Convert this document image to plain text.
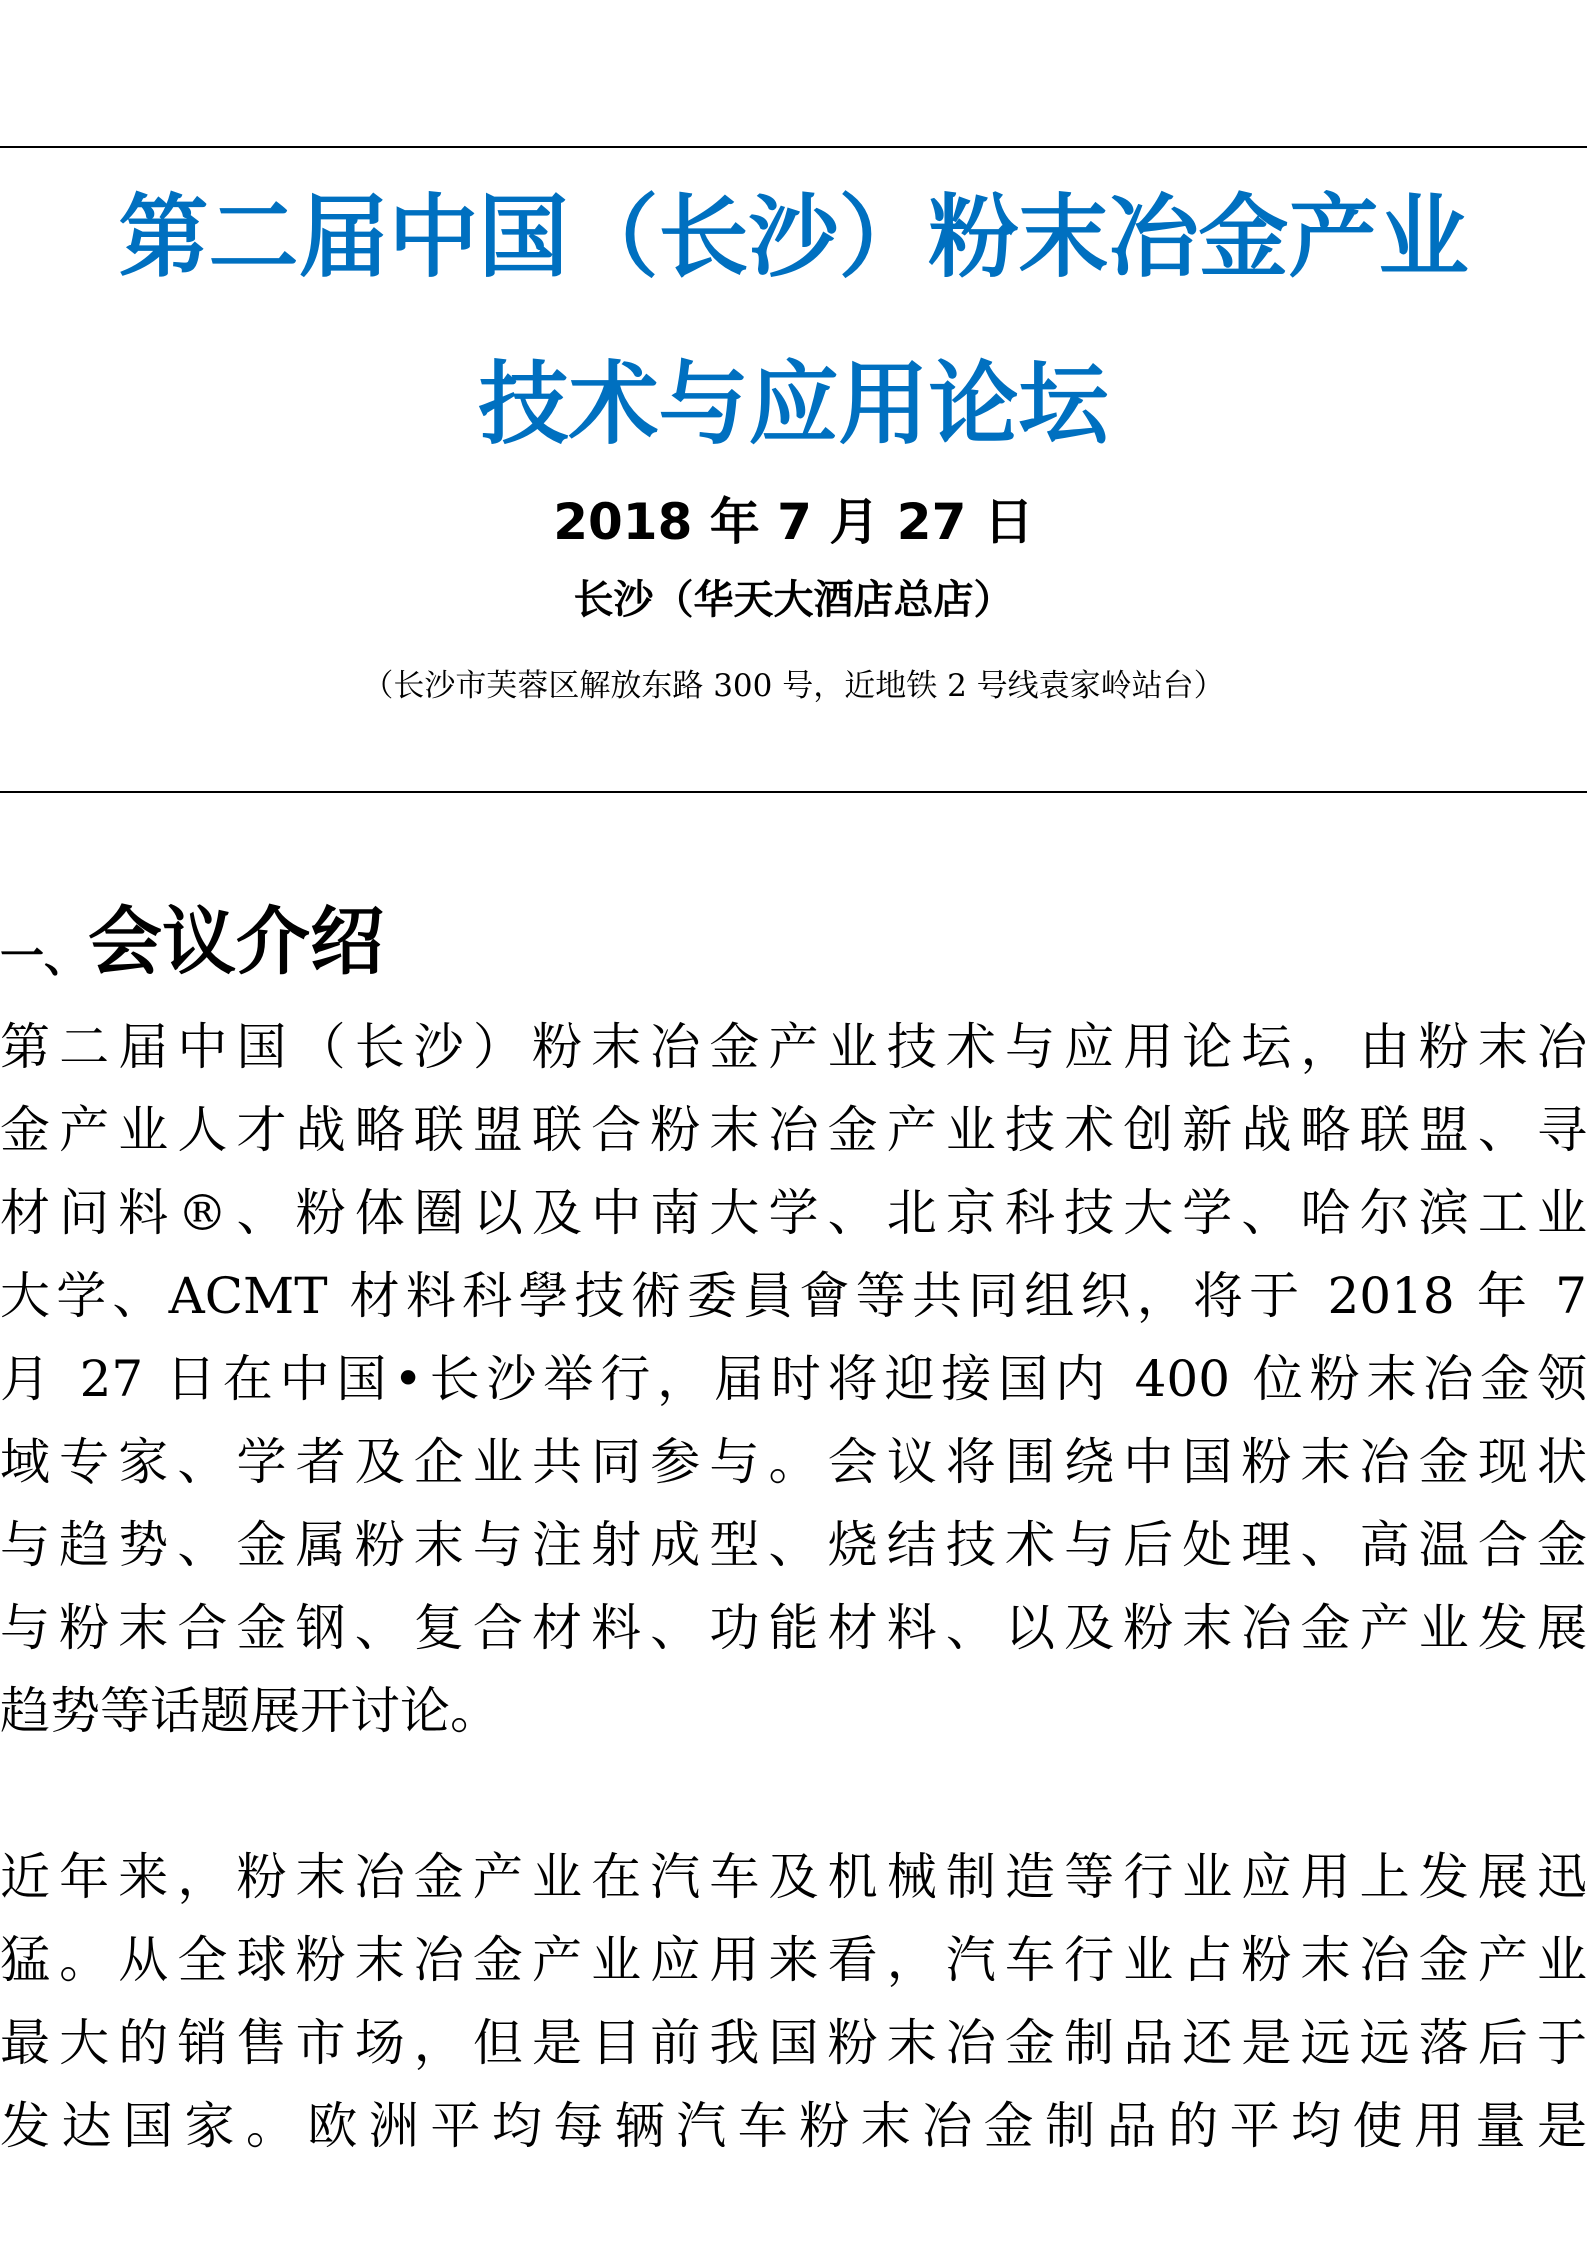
第二届中国（长沙）粉末冶金产业
技术与应用论坛
2018 年 7 月 27 日
长沙（华天大酒店总店）
（长沙市芙蓉区解放东路 300 号，近地铁 2 号线袁家岭站台）
一、 会议介绍
第二届中国（长沙）粉末冶金产业技术与应用论坛，由粉末冶
金产业人才战略联盟联合粉末冶金产业技术创新战略联盟、寻
材问料®、粉体圈以及中南大学、北京科技大学、哈尔滨工业
大学、ACMT 材料科學技術委員會等共同组织，将于 2018 年 7
月 27 日在中国•长沙举行，届时将迎接国内 400 位粉末冶金领
域专家、学者及企业共同参与。会议将围绕中国粉末冶金现状
与趋势、金属粉末与注射成型、烧结技术与后处理、高温合金
与粉末合金钢、复合材料、功能材料、以及粉末冶金产业发展
趋势等话题展开讨论。
近年来，粉末冶金产业在汽车及机械制造等行业应用上发展迅
猛。从全球粉末冶金产业应用来看，汽车行业占粉末冶金产业
最大的销售市场，但是目前我国粉末冶金制品还是远远落后于
发达国家。欧洲平均每辆汽车粉末冶金制品的平均使用量是
